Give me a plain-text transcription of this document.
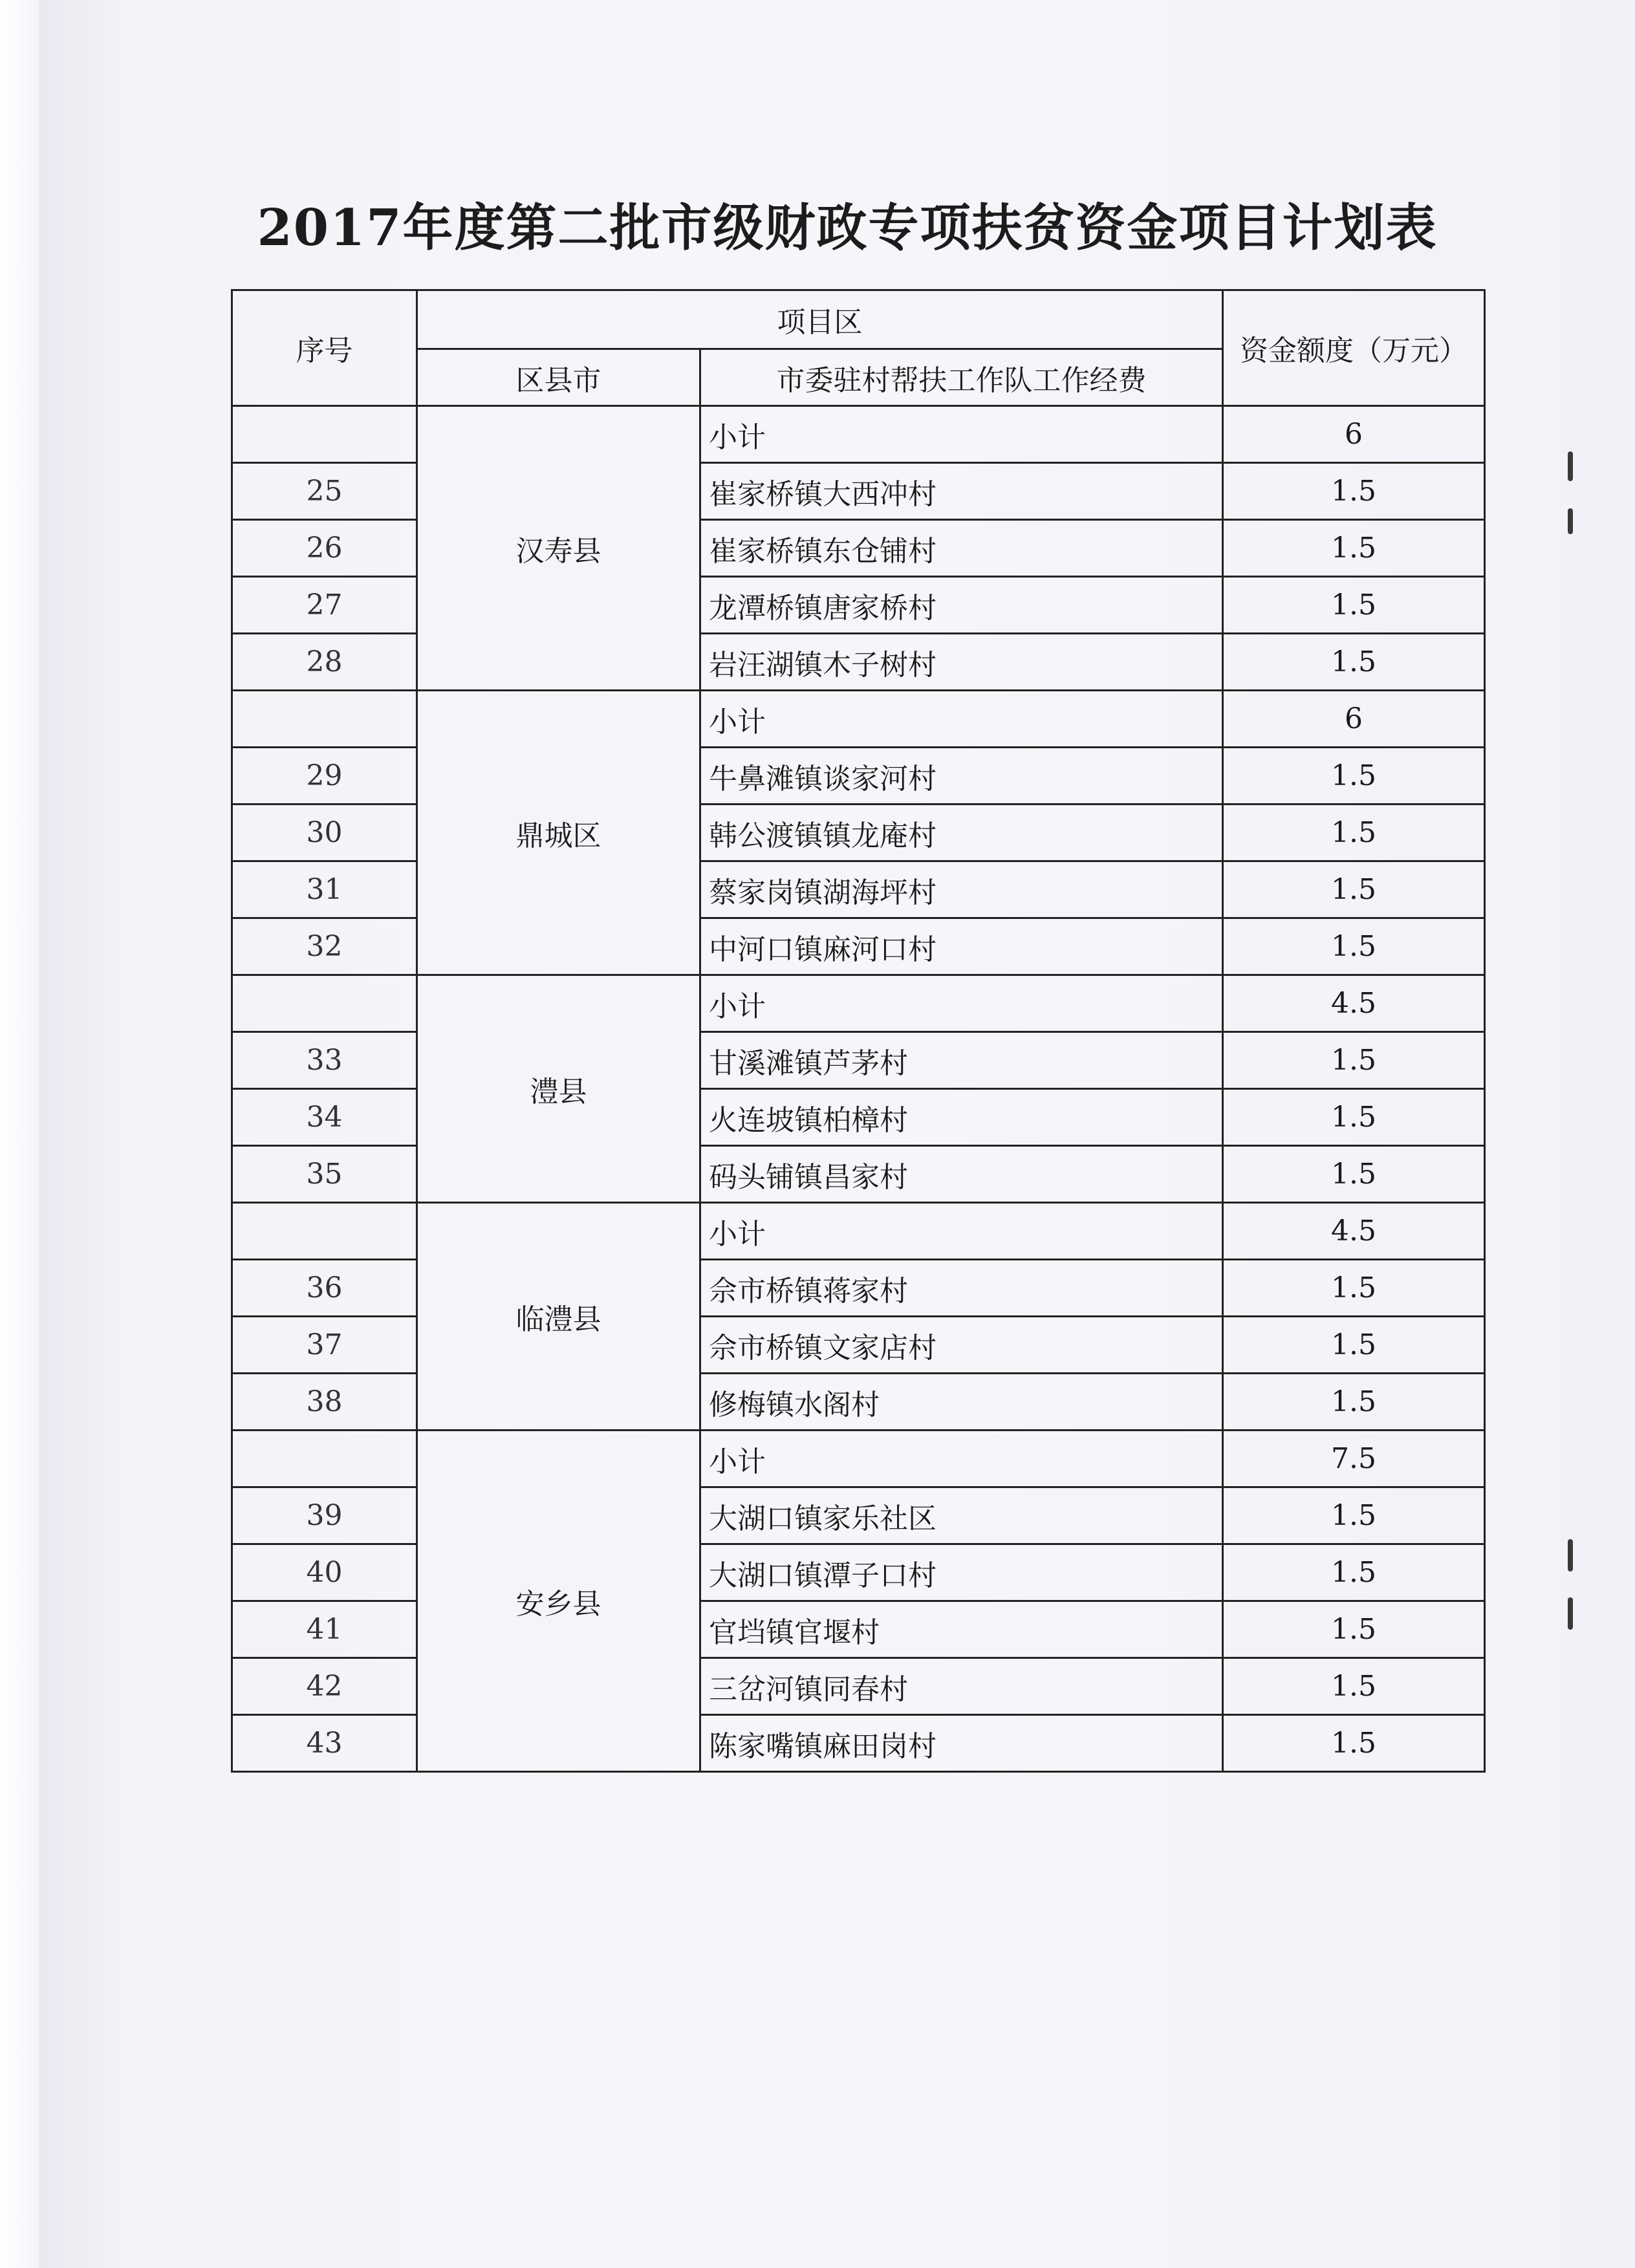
2017年度第二批市级财政专项扶贫资金项目计划表
序号	项目区		资金额度（万元）
	区县市	市委驻村帮扶工作队工作经费	
	汉寿县	小计	6
25		崔家桥镇大西冲村	1.5
26		崔家桥镇东仓铺村	1.5
27		龙潭桥镇唐家桥村	1.5
28		岩汪湖镇木子树村	1.5
	鼎城区	小计	6
29		牛鼻滩镇谈家河村	1.5
30		韩公渡镇镇龙庵村	1.5
31		蔡家岗镇湖海坪村	1.5
32		中河口镇麻河口村	1.5
	澧县	小计	4.5
33		甘溪滩镇芦茅村	1.5
34		火连坡镇柏樟村	1.5
35		码头铺镇昌家村	1.5
	临澧县	小计	4.5
36		佘市桥镇蒋家村	1.5
37		佘市桥镇文家店村	1.5
38		修梅镇水阁村	1.5
	安乡县	小计	7.5
39		大湖口镇家乐社区	1.5
40		大湖口镇潭子口村	1.5
41		官垱镇官堰村	1.5
42		三岔河镇同春村	1.5
43		陈家嘴镇麻田岗村	1.5
